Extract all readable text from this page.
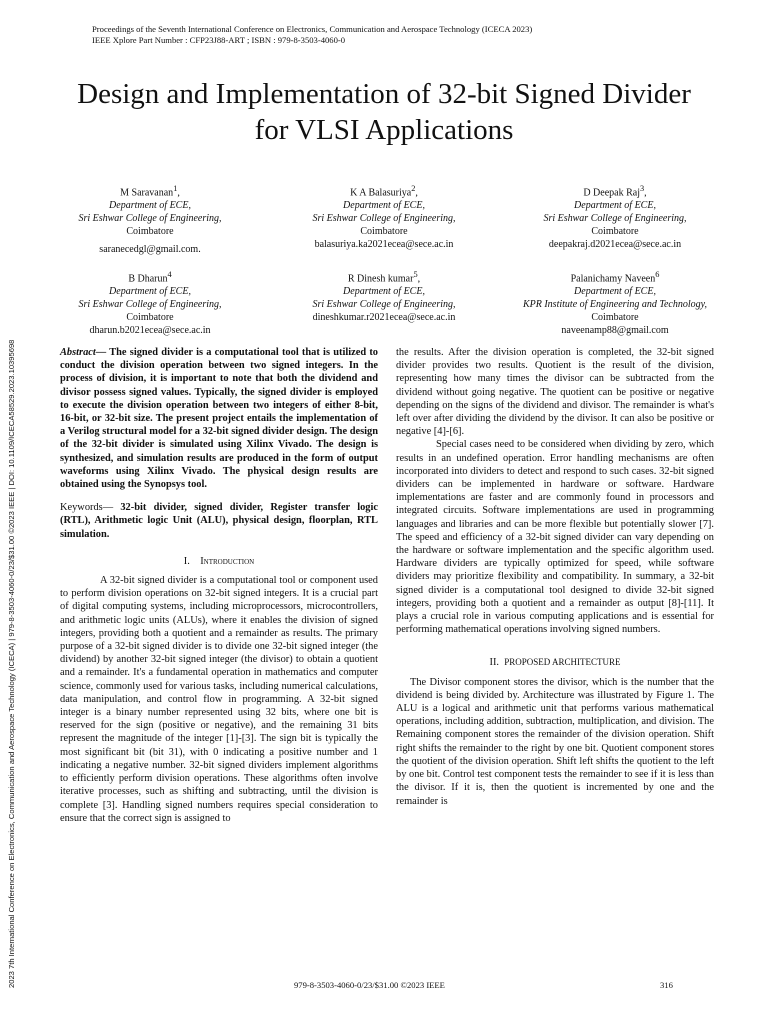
Proceedings of the Seventh International Conference on Electronics, Communication and Aerospace Technology (ICECA 2023)
IEEE Xplore Part Number : CFP23J88-ART ; ISBN : 979-8-3503-4060-0
2023 7th International Conference on Electronics, Communication and Aerospace Technology (ICECA) | 979-8-3503-4060-0/23/$31.00 ©2023 IEEE | DOI: 10.1109/ICECA58529.2023.10395698
Design and Implementation of 32-bit Signed Divider for VLSI Applications
M Saravanan$^1$,
Department of ECE,
Sri Eshwar College of Engineering,
Coimbatore
saranecedgl@gmail.com.
K A Balasuriya$^2$,
Department of ECE,
Sri Eshwar College of Engineering,
Coimbatore
balasuriya.ka2021ecea@sece.ac.in
D Deepak Raj$^3$,
Department of ECE,
Sri Eshwar College of Engineering,
Coimbatore
deepakraj.d2021ecea@sece.ac.in
B Dharun$^4$
Department of ECE,
Sri Eshwar College of Engineering,
Coimbatore
dharun.b2021ecea@sece.ac.in
R Dinesh kumar$^5$,
Department of ECE,
Sri Eshwar College of Engineering,
dineshkumar.r2021ecea@sece.ac.in
Palanichamy Naveen$^6$
Department of ECE,
KPR Institute of Engineering and Technology, Coimbatore
naveenamp88@gmail.com

Abstract— The signed divider is a computational tool that is utilized to conduct the division operation between two signed integers. In the process of division, it is important to note that both the dividend and divisor possess signed values. Typically, the signed divider is employed to execute the division operation between two integers of either 8-bit, 16-bit, or 32-bit size. The present project entails the implementation of a Verilog structural model for a 32-bit signed divider design. The design of the 32-bit divider is simulated using Xilinx Vivado. The design is synthesized, and simulation results are produced in the form of output waveforms using Xilinx Vivado. The physical design results are obtained using the Synopsys tool.

Keywords— 32-bit divider, signed divider, Register transfer logic (RTL), Arithmetic logic Unit (ALU), physical design, floorplan, RTL simulation.

I. Introduction

A 32-bit signed divider is a computational tool or component used to perform division operations on 32-bit signed integers. It is a crucial part of digital computing systems, including microprocessors, microcontrollers, and arithmetic logic units (ALUs), where it enables the division of signed integers, providing both a quotient and a remainder as results. The primary purpose of a 32-bit signed divider is to divide one 32-bit signed integer (the dividend) by another 32-bit signed integer (the divisor) to obtain a quotient and a remainder. It's a fundamental operation in mathematics and computer science, commonly used for various tasks, including numerical calculations, data manipulation, and control flow in programming. A 32-bit signed integer is a binary number represented using 32 bits, where one bit is reserved for the sign (positive or negative), and the remaining 31 bits represent the magnitude of the integer [1]-[3]. The sign bit is typically the most significant bit (bit 31), with 0 indicating a positive number and 1 indicating a negative number. 32-bit signed dividers implement algorithms to efficiently perform division operations. These algorithms often involve iterative processes, such as shifting and subtracting, until the division is complete [3]. Handling signed numbers requires special consideration to ensure that the correct sign is assigned to

the results. After the division operation is completed, the 32-bit signed divider provides two results. Quotient is the result of the division, representing how many times the divisor can be subtracted from the dividend without going negative. The quotient can be positive or negative depending on the signs of the dividend and divisor. The remainder is what's left over after dividing the dividend by the divisor. It can also be positive or negative [4]-[6].

Special cases need to be considered when dividing by zero, which results in an undefined operation. Error handling mechanisms are often incorporated into dividers to detect and respond to such cases. 32-bit signed dividers can be implemented in hardware or software. Hardware implementations are faster and are commonly found in processors and integrated circuits. Software implementations are used in programming languages and libraries and can be more flexible but potentially slower [7]. The speed and efficiency of a 32-bit signed divider can vary depending on the hardware or software implementation and the specific algorithm used. Hardware dividers are typically optimized for speed, while software dividers may prioritize flexibility and compatibility. In summary, a 32-bit signed divider is a computational tool designed to divide 32-bit signed integers, providing both a quotient and a remainder as output [8]-[11]. It plays a crucial role in various computing applications and is essential for performing mathematical operations involving signed numbers.

II. PROPOSED ARCHITECTURE

The Divisor component stores the divisor, which is the number that the dividend is being divided by. Architecture was illustrated by Figure 1. The ALU is a logical and arithmetic unit that performs various mathematical operations, including addition, subtraction, multiplication, and division. The Remaining component stores the remainder of the division operation. Shift right shifts the remainder to the right by one bit. Quotient component stores the quotient of the division operation. Shift left shifts the quotient to the left by one bit. Control test component tests the remainder to see if it is less than the divisor. If it is, then the quotient is incremented by one and the remainder is

979-8-3503-4060-0/23/$31.00 ©2023 IEEE	316
